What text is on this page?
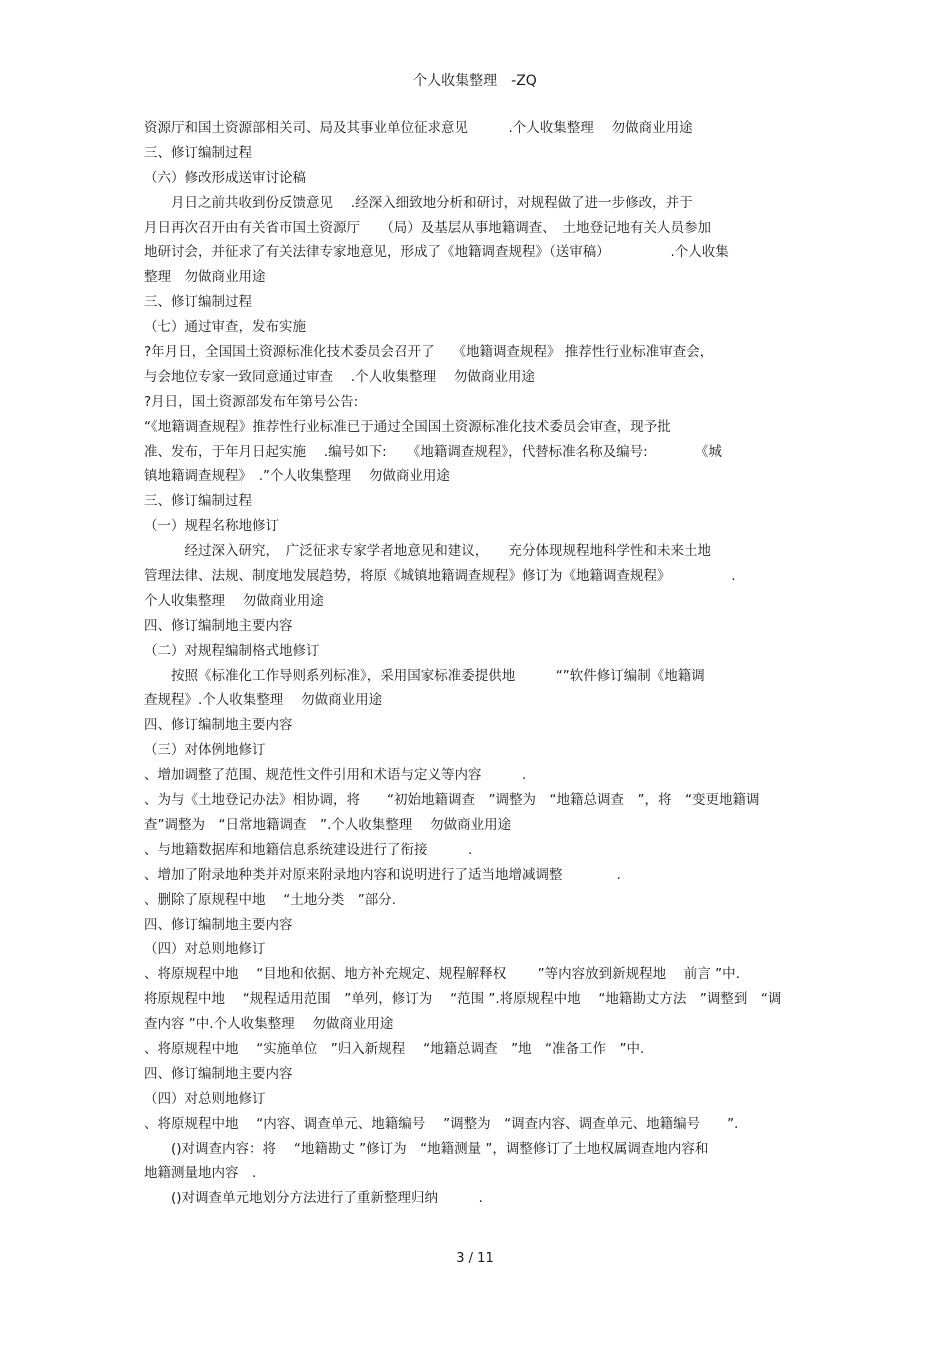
个人收集整理　-ZQ
资源厅和国土资源部相关司、局及其事业单位征求意见　　　.个人收集整理　 勿做商业用途
三、修订编制过程
（六）修改形成送审讨论稿
　　月日之前共收到份反馈意见　 .经深入细致地分析和研讨，对规程做了进一步修改，并于
月日再次召开由有关省市国土资源厅　　（局）及基层从事地籍调查、　土地登记地有关人员参加
地研讨会，并征求了有关法律专家地意见，形成了《地籍调查规程》（送审稿）　　　　　.个人收集
整理　勿做商业用途
三、修订编制过程
（七）通过审查，发布实施
?年月日，全国国土资源标准化技术委员会召开了　 《地籍调查规程》 推荐性行业标准审查会，
与会地位专家一致同意通过审查　 .个人收集整理　 勿做商业用途
?月日，国土资源部发布年第号公告:
“《地籍调查规程》推荐性行业标准已于通过全国国土资源标准化技术委员会审查，现予批
准、发布，于年月日起实施　 .编号如下:　　《地籍调查规程》，代替标准名称及编号:　　　　《城
镇地籍调查规程》　.”个人收集整理　 勿做商业用途
三、修订编制过程
（一）规程名称地修订
　　　经过深入研究，　广泛征求专家学者地意见和建议，　　充分体现规程地科学性和未来土地
管理法律、法规、制度地发展趋势，将原《城镇地籍调查规程》修订为《地籍调查规程》　　　　　.
个人收集整理　 勿做商业用途
四、修订编制地主要内容
（二）对规程编制格式地修订
　　按照《标准化工作导则系列标准》，采用国家标准委提供地　　　“”软件修订编制《地籍调
查规程》.个人收集整理　 勿做商业用途
四、修订编制地主要内容
（三）对体例地修订
、增加调整了范围、规范性文件引用和术语与定义等内容　　　.
、为与《土地登记办法》相协调，将　　“初始地籍调查　”调整为　“地籍总调查　”，将　“变更地籍调
查”调整为　“日常地籍调查　”.个人收集整理　 勿做商业用途
、与地籍数据库和地籍信息系统建设进行了衔接　　　.
、增加了附录地种类并对原来附录地内容和说明进行了适当地增减调整　　　　.
、删除了原规程中地　 “土地分类　”部分.
四、修订编制地主要内容
（四）对总则地修订
、将原规程中地　 “目地和依据、地方补充规定、规程解释权　　 ”等内容放到新规程地　 前言 ”中.
将原规程中地　 “规程适用范围　”单列，修订为　 “范围 ”.将原规程中地　 “地籍勘丈方法　”调整到　“调
查内容 ”中.个人收集整理　 勿做商业用途
、将原规程中地　 “实施单位　”归入新规程　 “地籍总调查　”地　“准备工作　”中.
四、修订编制地主要内容
（四）对总则地修订
、将原规程中地　 “内容、调查单元、地籍编号　 ”调整为　“调查内容、调查单元、地籍编号　　”.
　　()对调查内容：将　 “地籍勘丈 ”修订为　“地籍测量 ”，调整修订了土地权属调查地内容和
地籍测量地内容　.
　　()对调查单元地划分方法进行了重新整理归纳　　　.
3 / 11
